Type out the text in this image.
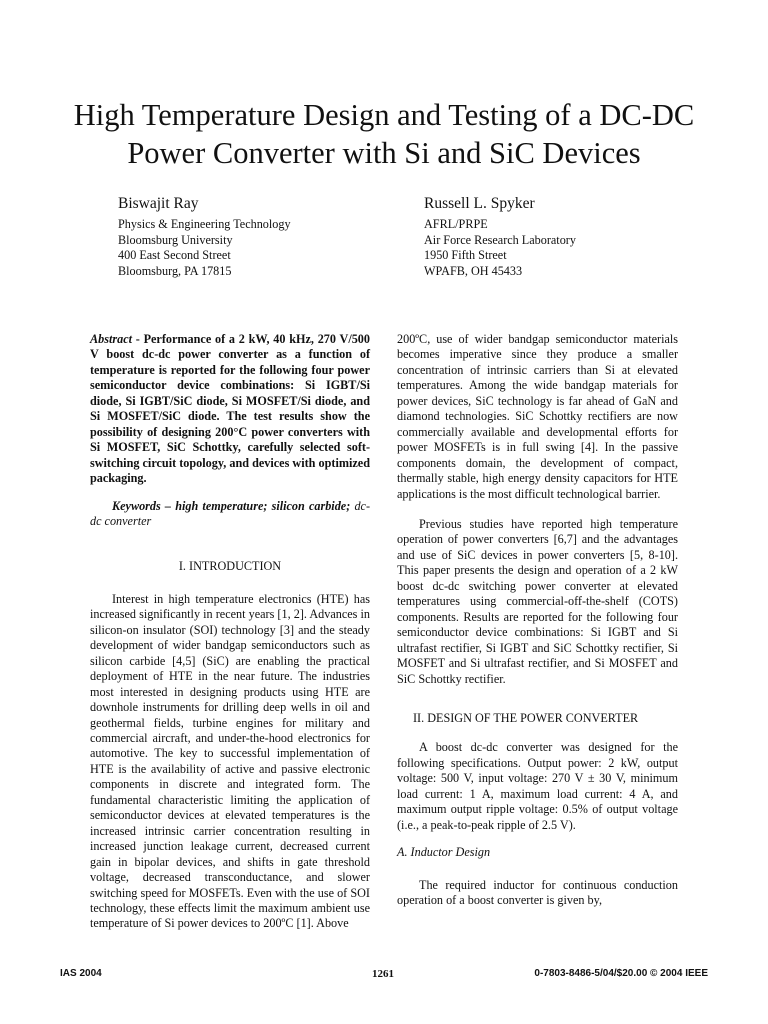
High Temperature Design and Testing of a DC-DC
Power Converter with Si and SiC Devices
Biswajit Ray
Physics & Engineering Technology
Bloomsburg University
400 East Second Street
Bloomsburg, PA 17815
Russell L. Spyker
AFRL/PRPE
Air Force Research Laboratory
1950 Fifth Street
WPAFB, OH 45433

Abstract - Performance of a 2 kW, 40 kHz, 270 V/500 V boost dc-dc power converter as a function of temperature is reported for the following four power semiconductor device combinations: Si IGBT/Si diode, Si IGBT/SiC diode, Si MOSFET/Si diode, and Si MOSFET/SiC diode. The test results show the possibility of designing 200°C power converters with Si MOSFET, SiC Schottky, carefully selected soft-switching circuit topology, and devices with optimized packaging.

Keywords – high temperature; silicon carbide; dc-dc converter

I. INTRODUCTION

Interest in high temperature electronics (HTE) has increased significantly in recent years [1, 2]. Advances in silicon-on insulator (SOI) technology [3] and the steady development of wider bandgap semiconductors such as silicon carbide [4,5] (SiC) are enabling the practical deployment of HTE in the near future. The industries most interested in designing products using HTE are downhole instruments for drilling deep wells in oil and geothermal fields, turbine engines for military and commercial aircraft, and under-the-hood electronics for automotive. The key to successful implementation of HTE is the availability of active and passive electronic components in discrete and integrated form. The fundamental characteristic limiting the application of semiconductor devices at elevated temperatures is the increased intrinsic carrier concentration resulting in increased junction leakage current, decreased current gain in bipolar devices, and shifts in gate threshold voltage, decreased transconductance, and slower switching speed for MOSFETs. Even with the use of SOI technology, these effects limit the maximum ambient use temperature of Si power devices to 200ºC [1]. Above

200ºC, use of wider bandgap semiconductor materials becomes imperative since they produce a smaller concentration of intrinsic carriers than Si at elevated temperatures. Among the wide bandgap materials for power devices, SiC technology is far ahead of GaN and diamond technologies. SiC Schottky rectifiers are now commercially available and developmental efforts for power MOSFETs is in full swing [4]. In the passive components domain, the development of compact, thermally stable, high energy density capacitors for HTE applications is the most difficult technological barrier.

Previous studies have reported high temperature operation of power converters [6,7] and the advantages and use of SiC devices in power converters [5, 8-10]. This paper presents the design and operation of a 2 kW boost dc-dc switching power converter at elevated temperatures using commercial-off-the-shelf (COTS) components. Results are reported for the following four semiconductor device combinations: Si IGBT and Si ultrafast rectifier, Si IGBT and SiC Schottky rectifier, Si MOSFET and Si ultrafast rectifier, and Si MOSFET and SiC Schottky rectifier.

II. DESIGN OF THE POWER CONVERTER

A boost dc-dc converter was designed for the following specifications. Output power: 2 kW, output voltage: 500 V, input voltage: 270 V ± 30 V, minimum load current: 1 A, maximum load current: 4 A, and maximum output ripple voltage: 0.5% of output voltage (i.e., a peak-to-peak ripple of 2.5 V).

A. Inductor Design

The required inductor for continuous conduction operation of a boost converter is given by,

IAS 2004	1261	0-7803-8486-5/04/$20.00 © 2004 IEEE
